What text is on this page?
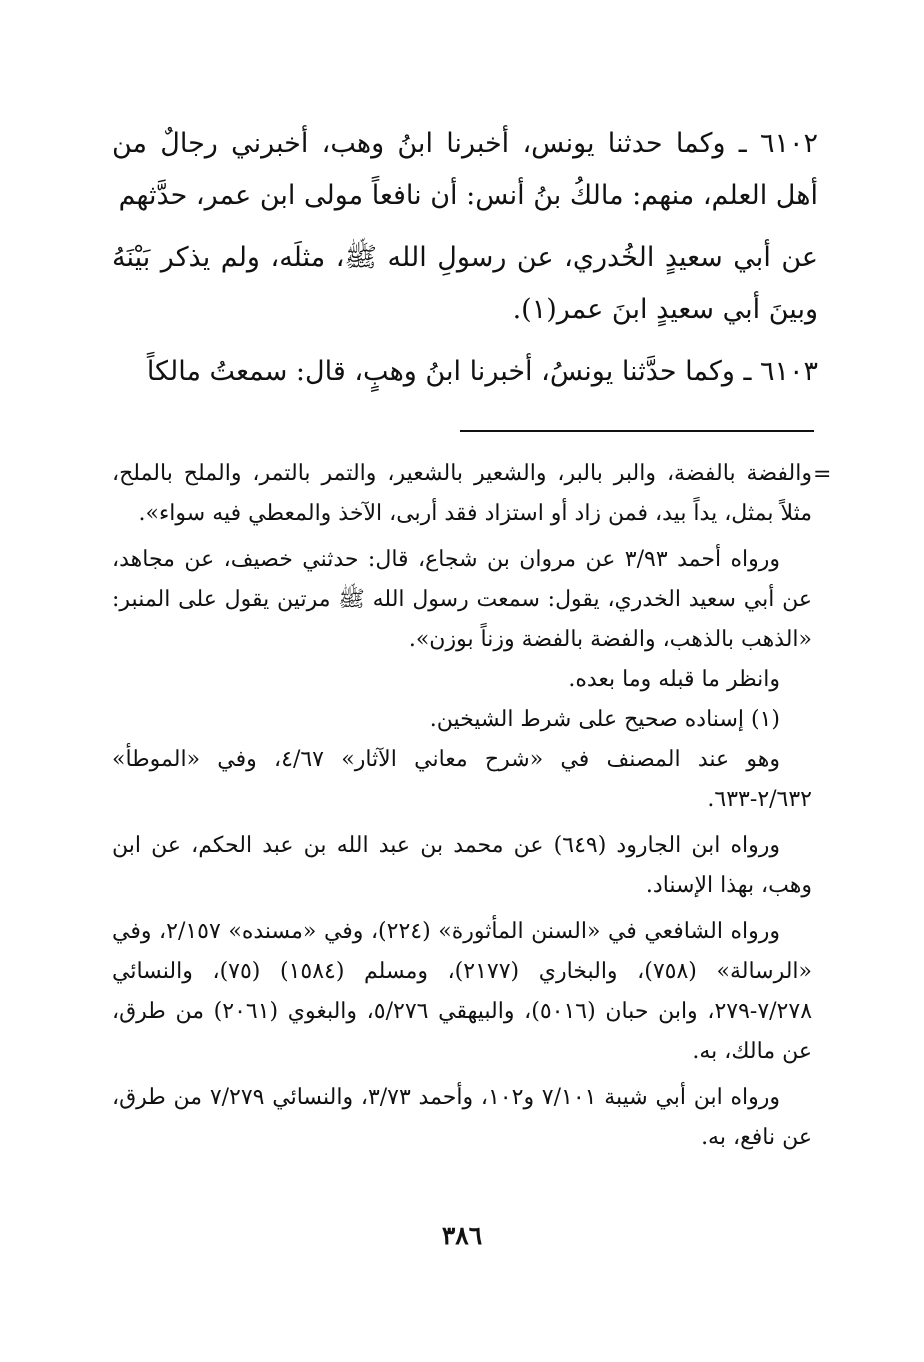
٦١٠٢ ـ وكما حدثنا يونس، أخبرنا ابنُ وهب، أخبرني رجالٌ من أهل العلم، منهم: مالكُ بنُ أنس: أن نافعاً مولى ابن عمر، حدَّثهم

عن أبي سعيدٍ الخُدري، عن رسولِ الله ﷺ، مثلَه، ولم يذكر بَيْنَهُ وبينَ أبي سعيدٍ ابنَ عمر(١).

٦١٠٣ ـ وكما حدَّثنا يونسُ، أخبرنا ابنُ وهبٍ، قال: سمعتُ مالكاً

=

والفضة بالفضة، والبر بالبر، والشعير بالشعير، والتمر بالتمر، والملح بالملح، مثلاً بمثل، يداً بيد، فمن زاد أو استزاد فقد أربى، الآخذ والمعطي فيه سواء».

ورواه أحمد ٣/٩٣ عن مروان بن شجاع، قال: حدثني خصيف، عن مجاهد، عن أبي سعيد الخدري، يقول: سمعت رسول الله ﷺ مرتين يقول على المنبر: «الذهب بالذهب، والفضة بالفضة وزناً بوزن».

وانظر ما قبله وما بعده.

(١) إسناده صحيح على شرط الشيخين.

وهو عند المصنف في «شرح معاني الآثار» ٤/٦٧، وفي «الموطأ» ٢/٦٣٢-٦٣٣.

ورواه ابن الجارود (٦٤٩) عن محمد بن عبد الله بن عبد الحكم، عن ابن وهب، بهذا الإسناد.

ورواه الشافعي في «السنن المأثورة» (٢٢٤)، وفي «مسنده» ٢/١٥٧، وفي «الرسالة» (٧٥٨)، والبخاري (٢١٧٧)، ومسلم (١٥٨٤) (٧٥)، والنسائي ٧/٢٧٨-٢٧٩، وابن حبان (٥٠١٦)، والبيهقي ٥/٢٧٦، والبغوي (٢٠٦١) من طرق، عن مالك، به.

ورواه ابن أبي شيبة ٧/١٠١ و١٠٢، وأحمد ٣/٧٣، والنسائي ٧/٢٧٩ من طرق، عن نافع، به.

٣٨٦
